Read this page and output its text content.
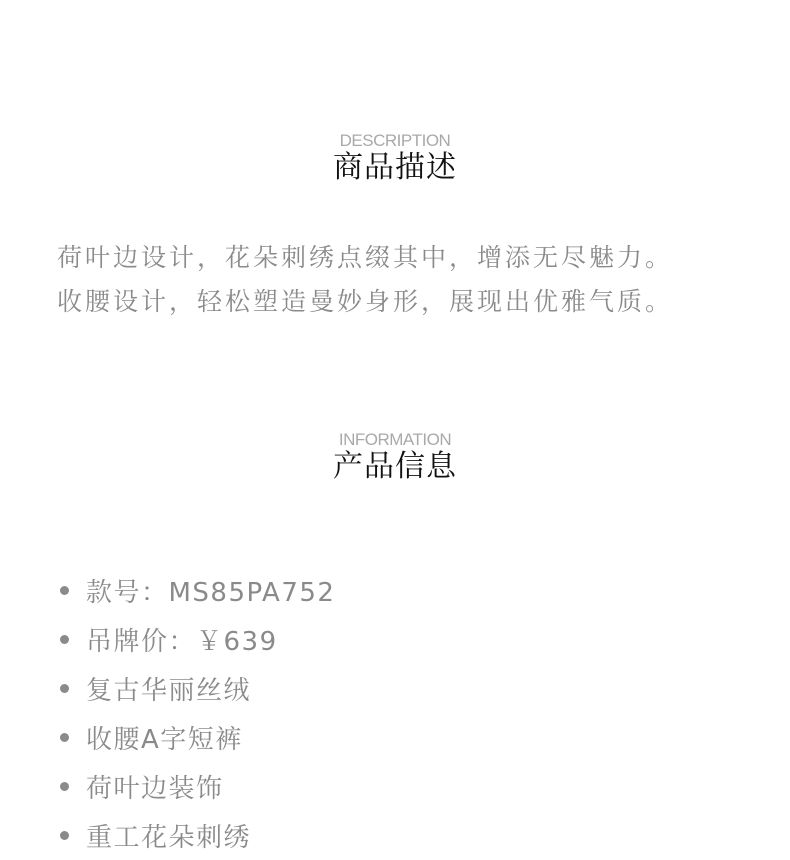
DESCRIPTION
商品描述
荷叶边设计，花朵刺绣点缀其中，增添无尽魅力。
收腰设计，轻松塑造曼妙身形，展现出优雅气质。
INFORMATION
产品信息
款号：MS85PA752
吊牌价：￥639
复古华丽丝绒
收腰A字短裤
荷叶边装饰
重工花朵刺绣
